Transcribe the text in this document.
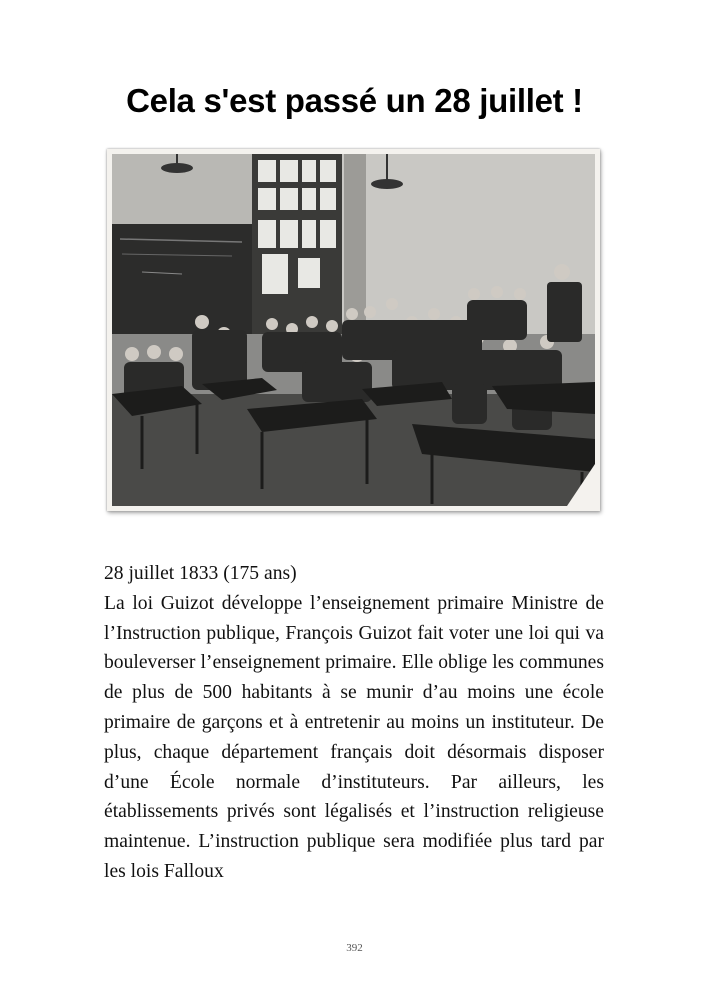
Cela s'est passé un 28 juillet !

28 juillet 1833 (175 ans)

La loi Guizot développe l’enseignement primaire Ministre de l’Instruction publique, François Guizot fait voter une loi qui va bouleverser l’enseignement primaire. Elle oblige les communes de plus de 500 habitants à se munir d’au moins une école primaire de garçons et à entretenir au moins un instituteur. De plus, chaque département français doit désormais disposer d’une École normale d’instituteurs. Par ailleurs, les établissements privés sont légalisés et l’instruction religieuse maintenue. L’instruction publique sera modifiée plus tard par les lois Falloux

392
